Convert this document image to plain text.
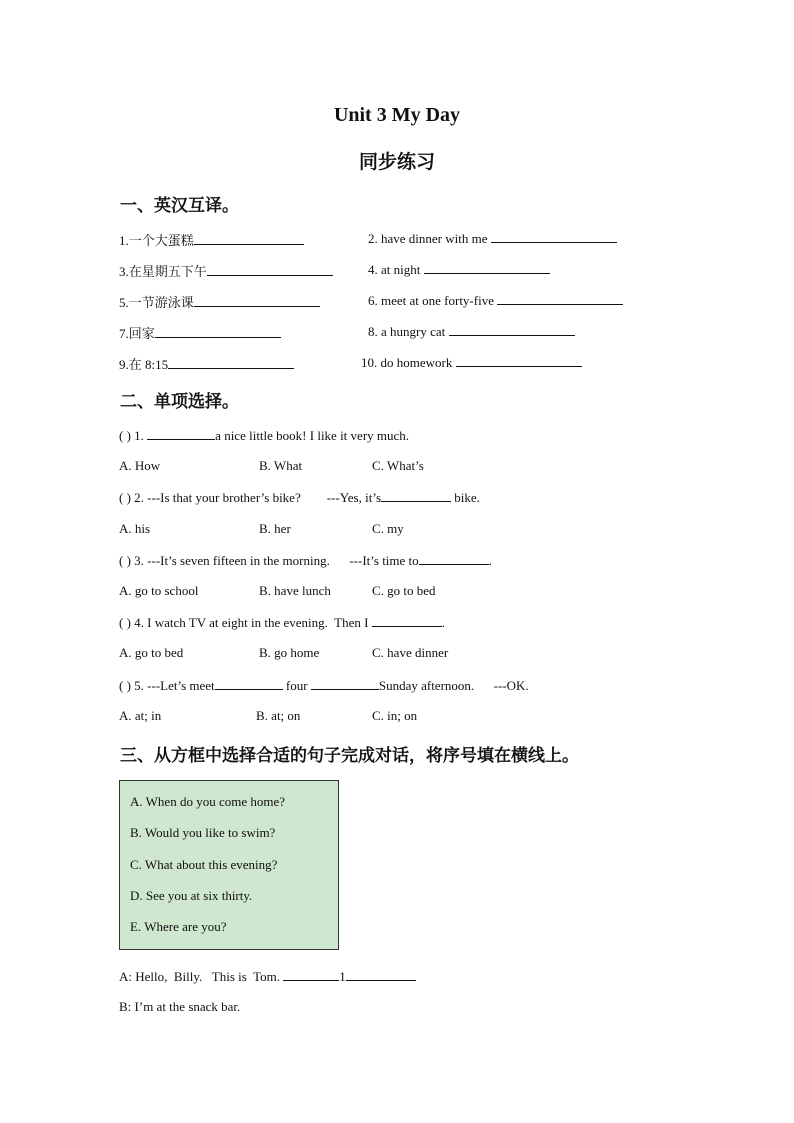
Unit 3 My Day
同步练习
一、英汉互译。
1.一个大蛋糕	2. have dinner with me
3.在星期五下午	4. at night
5.一节游泳课	6. meet at one forty-five
7.回家	8. a hungry cat
9.在 8:15	10. do homework
二、单项选择。
( ) 1.	a nice little book! I like it very much.
A. How	B. What	C. What’s
( ) 2. ---Is that your brother’s bike?        ---Yes, it’s	bike.
A. his	B. her	C. my
( ) 3. ---It’s seven fifteen in the morning.      ---It’s time to	.
A. go to school	B. have lunch	C. go to bed
( ) 4. I watch TV at eight in the evening.  Then I	.
A. go to bed	B. go home	C. have dinner
( ) 5. ---Let’s meet	four	Sunday afternoon.      ---OK.
A. at; in	B. at; on	C. in; on
三、从方框中选择合适的句子完成对话，将序号填在横线上。
A. When do you come home?
B. Would you like to swim?
C. What about this evening?
D. See you at six thirty.
E. Where are you?
A: Hello,  Billy.   This is  Tom.	1
B: I’m at the snack bar.
